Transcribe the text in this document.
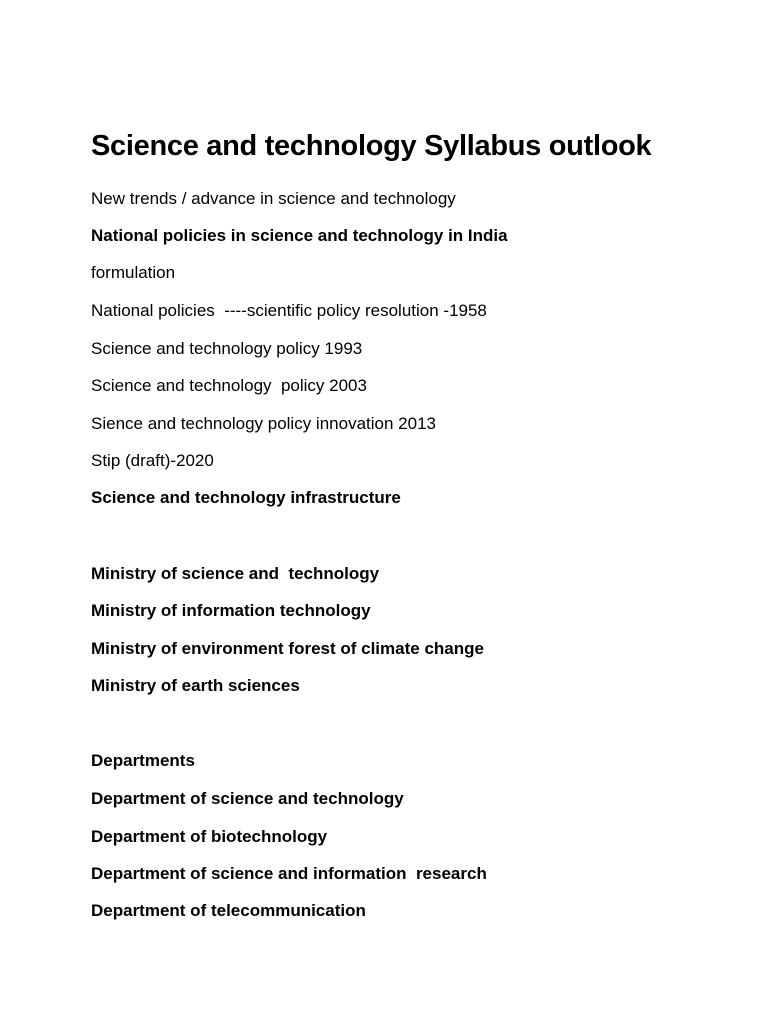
Science and technology Syllabus outlook

New trends / advance in science and technology

National policies in science and technology in India

formulation

National policies  ----scientific policy resolution -1958

Science and technology policy 1993

Science and technology  policy 2003

Sience and technology policy innovation 2013

Stip (draft)-2020

Science and technology infrastructure

Ministry of science and  technology

Ministry of information technology

Ministry of environment forest of climate change

Ministry of earth sciences

Departments

Department of science and technology

Department of biotechnology

Department of science and information  research

Department of telecommunication
